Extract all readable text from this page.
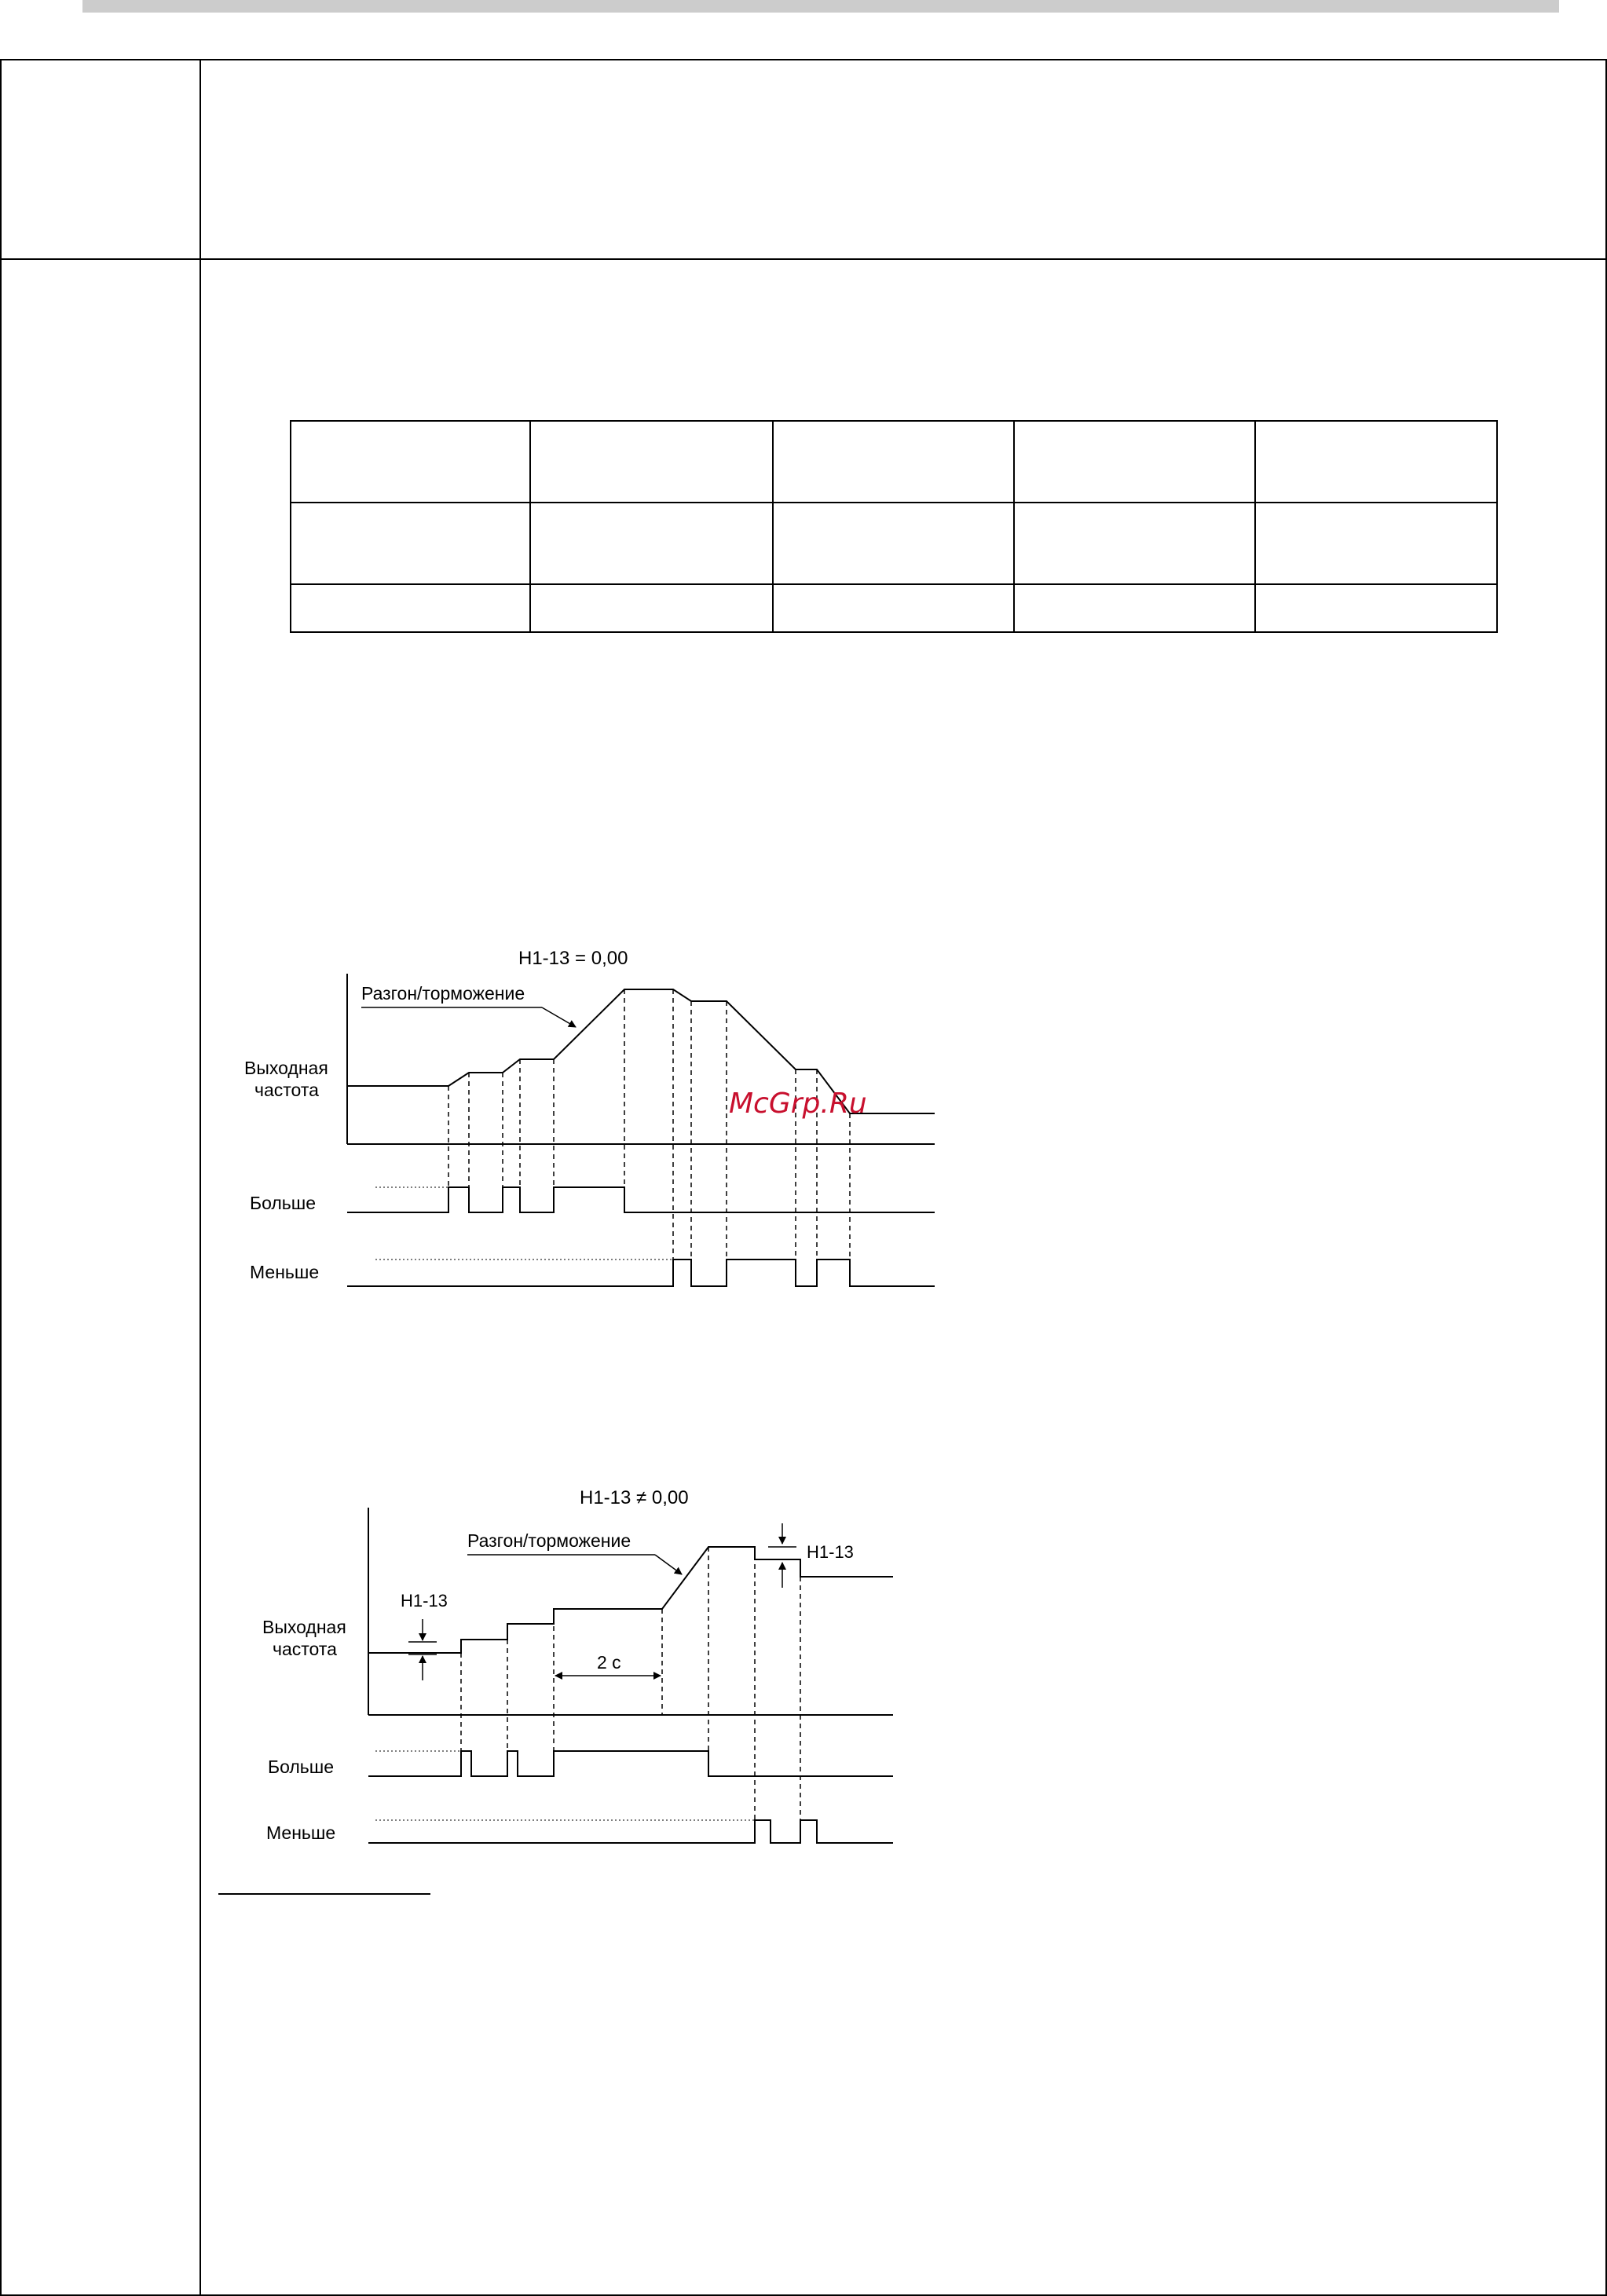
H1-13 = 0,00
Разгон/торможение
Выходная
частота
Больше
Меньше
H1-13 ≠ 0,00
Разгон/торможение
H1-13
H1-13
2 с
Выходная
частота
Больше
Меньше
McGrp.Ru
